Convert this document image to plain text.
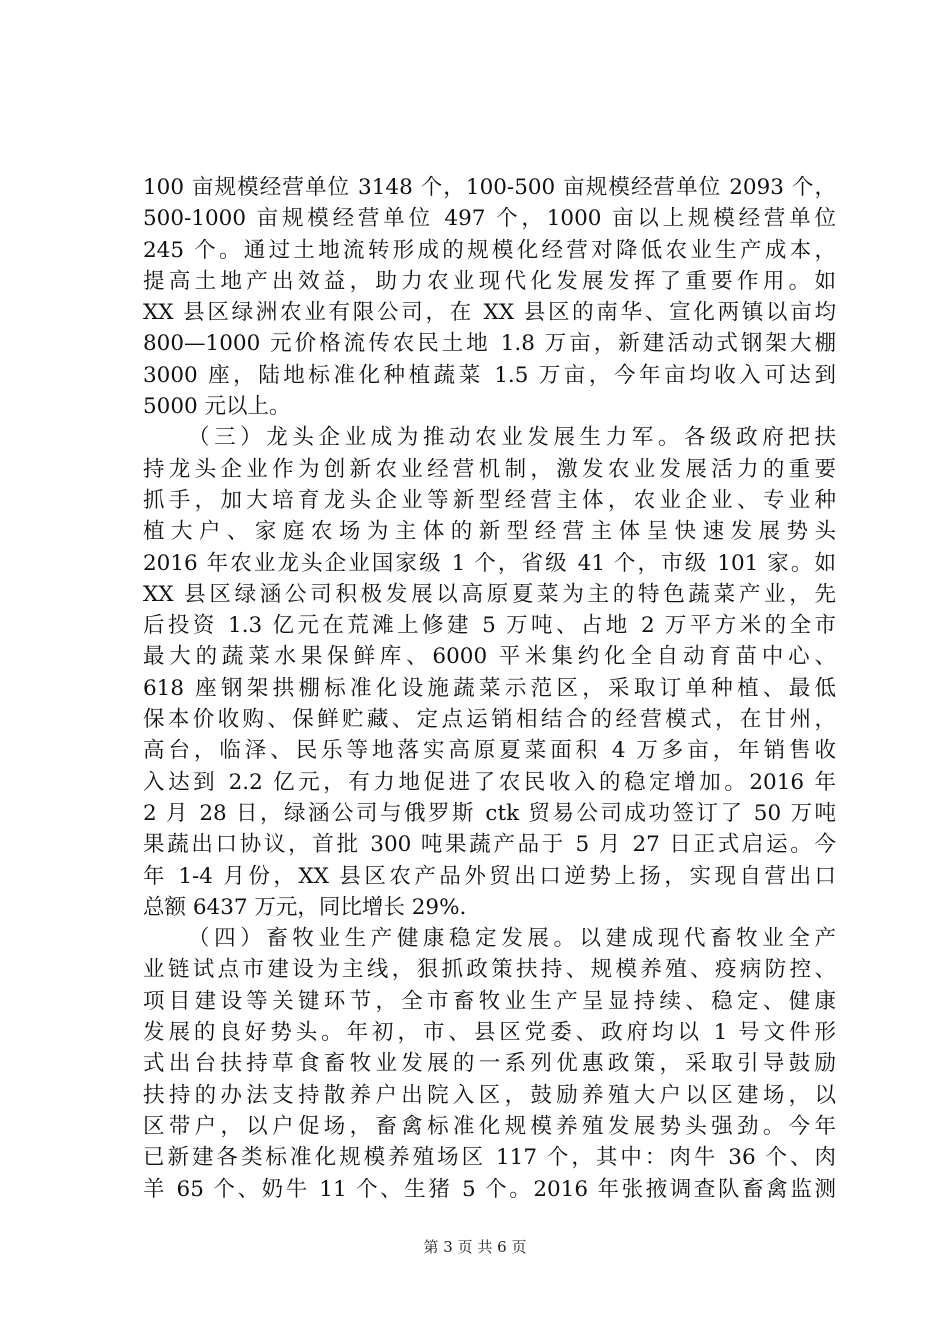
100 亩规模经营单位 3148 个，100-500 亩规模经营单位 2093 个，
500-1000 亩规模经营单位 497 个，1000 亩以上规模经营单位
245 个。通过土地流转形成的规模化经营对降低农业生产成本，
提高土地产出效益，助力农业现代化发展发挥了重要作用。如
XX 县区绿洲农业有限公司，在 XX 县区的南华、宣化两镇以亩均
800—1000 元价格流传农民土地 1.8 万亩，新建活动式钢架大棚
3000 座，陆地标准化种植蔬菜 1.5 万亩，今年亩均收入可达到
5000 元以上。
（三）龙头企业成为推动农业发展生力军。各级政府把扶
持龙头企业作为创新农业经营机制，激发农业发展活力的重要
抓手，加大培育龙头企业等新型经营主体，农业企业、专业种
植大户、家庭农场为主体的新型经营主体呈快速发展势头
2016 年农业龙头企业国家级 1 个，省级 41 个，市级 101 家。如
XX 县区绿涵公司积极发展以高原夏菜为主的特色蔬菜产业，先
后投资 1.3 亿元在荒滩上修建 5 万吨、占地 2 万平方米的全市
最大的蔬菜水果保鲜库、6000 平米集约化全自动育苗中心、
618 座钢架拱棚标准化设施蔬菜示范区，采取订单种植、最低
保本价收购、保鲜贮藏、定点运销相结合的经营模式，在甘州，
高台，临泽、民乐等地落实高原夏菜面积 4 万多亩，年销售收
入达到 2.2 亿元，有力地促进了农民收入的稳定增加。2016 年
2 月 28 日，绿涵公司与俄罗斯 ctk 贸易公司成功签订了 50 万吨
果蔬出口协议，首批 300 吨果蔬产品于 5 月 27 日正式启运。今
年 1-4 月份，XX 县区农产品外贸出口逆势上扬，实现自营出口
总额 6437 万元，同比增长 29%.
（四）畜牧业生产健康稳定发展。以建成现代畜牧业全产
业链试点市建设为主线，狠抓政策扶持、规模养殖、疫病防控、
项目建设等关键环节，全市畜牧业生产呈显持续、稳定、健康
发展的良好势头。年初，市、县区党委、政府均以 1 号文件形
式出台扶持草食畜牧业发展的一系列优惠政策，采取引导鼓励
扶持的办法支持散养户出院入区，鼓励养殖大户以区建场，以
区带户，以户促场，畜禽标准化规模养殖发展势头强劲。今年
已新建各类标准化规模养殖场区 117 个，其中：肉牛 36 个、肉
羊 65 个、奶牛 11 个、生猪 5 个。2016 年张掖调查队畜禽监测
第 3 页 共 6 页
